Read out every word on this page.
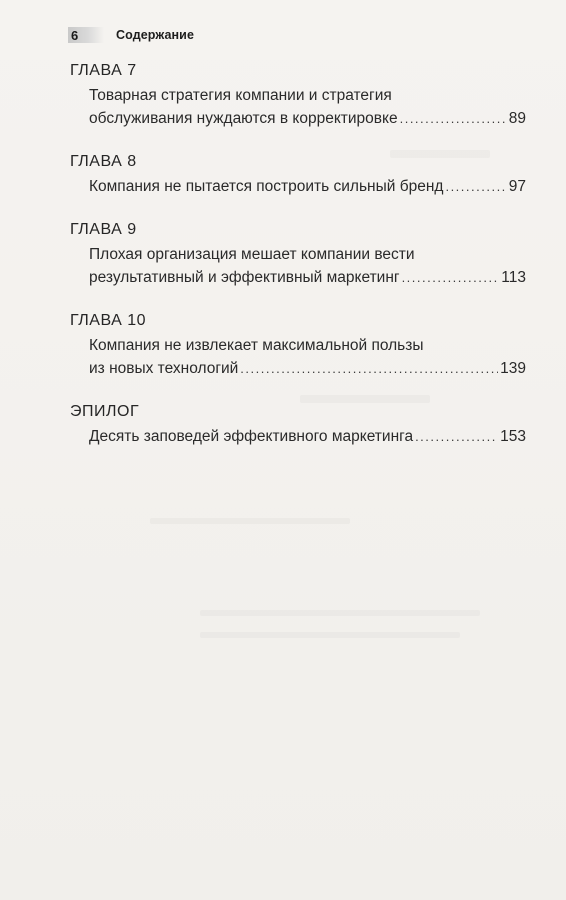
6	Содержание
ГЛАВА 7
Товарная стратегия компании и стратегия
обслуживания нуждаются в корректировке .....	89
ГЛАВА 8
Компания не пытается построить сильный бренд .....	97
ГЛАВА 9
Плохая организация мешает компании вести
результативный и эффективный маркетинг .....	113
ГЛАВА 10
Компания не извлекает максимальной пользы
из новых технологий .....	139
ЭПИЛОГ
Десять заповедей эффективного маркетинга .....	153
